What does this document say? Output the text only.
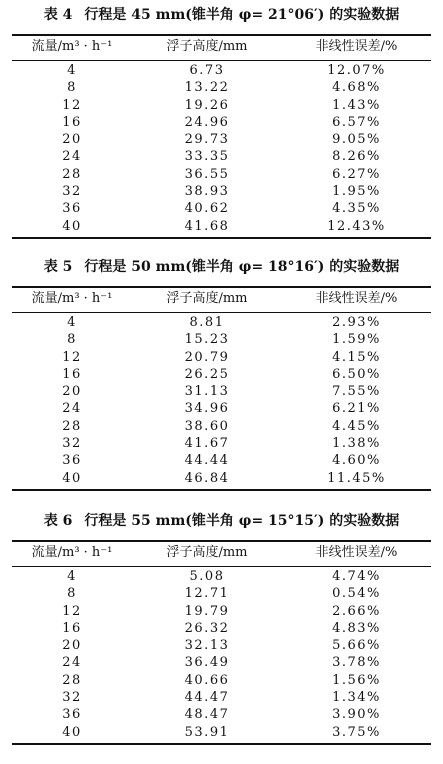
表 4 行程是 45 mm(锥半角 φ= 21°06′) 的实验数据
流量/m³ · h⁻¹	浮子高度/mm	非线性误差/%
4	6.73	12.07%
8	13.22	4.68%
12	19.26	1.43%
16	24.96	6.57%
20	29.73	9.05%
24	33.35	8.26%
28	36.55	6.27%
32	38.93	1.95%
36	40.62	4.35%
40	41.68	12.43%
表 5 行程是 50 mm(锥半角 φ= 18°16′) 的实验数据
流量/m³ · h⁻¹	浮子高度/mm	非线性误差/%
4	8.81	2.93%
8	15.23	1.59%
12	20.79	4.15%
16	26.25	6.50%
20	31.13	7.55%
24	34.96	6.21%
28	38.60	4.45%
32	41.67	1.38%
36	44.44	4.60%
40	46.84	11.45%
表 6 行程是 55 mm(锥半角 φ= 15°15′) 的实验数据
流量/m³ · h⁻¹	浮子高度/mm	非线性误差/%
4	5.08	4.74%
8	12.71	0.54%
12	19.79	2.66%
16	26.32	4.83%
20	32.13	5.66%
24	36.49	3.78%
28	40.66	1.56%
32	44.47	1.34%
36	48.47	3.90%
40	53.91	3.75%
